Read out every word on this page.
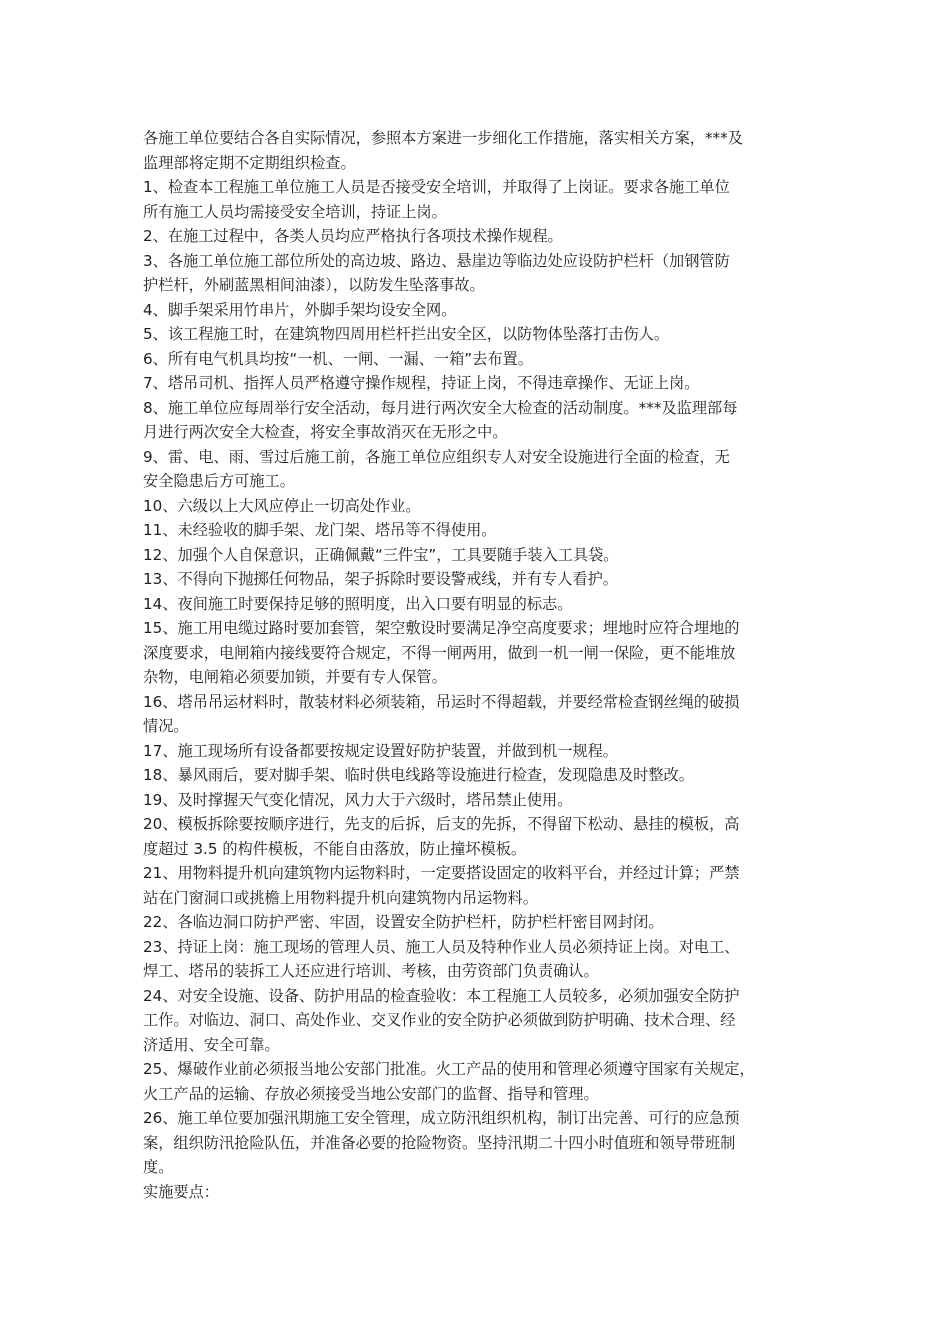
各施工单位要结合各自实际情况，参照本方案进一步细化工作措施，落实相关方案，***及
监理部将定期不定期组织检查。

1、检查本工程施工单位施工人员是否接受安全培训，并取得了上岗证。要求各施工单位
所有施工人员均需接受安全培训，持证上岗。

2、在施工过程中，各类人员均应严格执行各项技术操作规程。

3、各施工单位施工部位所处的高边坡、路边、悬崖边等临边处应设防护栏杆（加钢管防
护栏杆，外刷蓝黑相间油漆），以防发生坠落事故。

4、脚手架采用竹串片，外脚手架均设安全网。

5、该工程施工时，在建筑物四周用栏杆拦出安全区，以防物体坠落打击伤人。

6、所有电气机具均按“一机、一闸、一漏、一箱”去布置。

7、塔吊司机、指挥人员严格遵守操作规程，持证上岗，不得违章操作、无证上岗。

8、施工单位应每周举行安全活动，每月进行两次安全大检查的活动制度。***及监理部每
月进行两次安全大检查，将安全事故消灭在无形之中。

9、雷、电、雨、雪过后施工前，各施工单位应组织专人对安全设施进行全面的检查，无
安全隐患后方可施工。

10、六级以上大风应停止一切高处作业。

11、未经验收的脚手架、龙门架、塔吊等不得使用。

12、加强个人自保意识，正确佩戴“三件宝”，工具要随手装入工具袋。

13、不得向下抛掷任何物品，架子拆除时要设警戒线，并有专人看护。

14、夜间施工时要保持足够的照明度，出入口要有明显的标志。

15、施工用电缆过路时要加套管，架空敷设时要满足净空高度要求；埋地时应符合埋地的
深度要求，电闸箱内接线要符合规定，不得一闸两用，做到一机一闸一保险，更不能堆放
杂物，电闸箱必须要加锁，并要有专人保管。

16、塔吊吊运材料时，散装材料必须装箱，吊运时不得超载，并要经常检查钢丝绳的破损
情况。

17、施工现场所有设备都要按规定设置好防护装置，并做到机一规程。

18、暴风雨后，要对脚手架、临时供电线路等设施进行检查，发现隐患及时整改。

19、及时撑握天气变化情况，风力大于六级时，塔吊禁止使用。

20、模板拆除要按顺序进行，先支的后拆，后支的先拆，不得留下松动、悬挂的模板，高
度超过 3.5 的构件模板，不能自由落放，防止撞坏模板。

21、用物料提升机向建筑物内运物料时，一定要搭设固定的收料平台，并经过计算；严禁
站在门窗洞口或挑檐上用物料提升机向建筑物内吊运物料。

22、各临边洞口防护严密、牢固，设置安全防护栏杆，防护栏杆密目网封闭。

23、持证上岗：施工现场的管理人员、施工人员及特种作业人员必须持证上岗。对电工、
焊工、塔吊的装拆工人还应进行培训、考核，由劳资部门负责确认。

24、对安全设施、设备、防护用品的检查验收：本工程施工人员较多，必须加强安全防护
工作。对临边、洞口、高处作业、交叉作业的安全防护必须做到防护明确、技术合理、经
济适用、安全可靠。

25、爆破作业前必须报当地公安部门批准。火工产品的使用和管理必须遵守国家有关规定，
火工产品的运输、存放必须接受当地公安部门的监督、指导和管理。

26、施工单位要加强汛期施工安全管理，成立防汛组织机构，制订出完善、可行的应急预
案，组织防汛抢险队伍，并准备必要的抢险物资。坚持汛期二十四小时值班和领导带班制
度。

实施要点：
